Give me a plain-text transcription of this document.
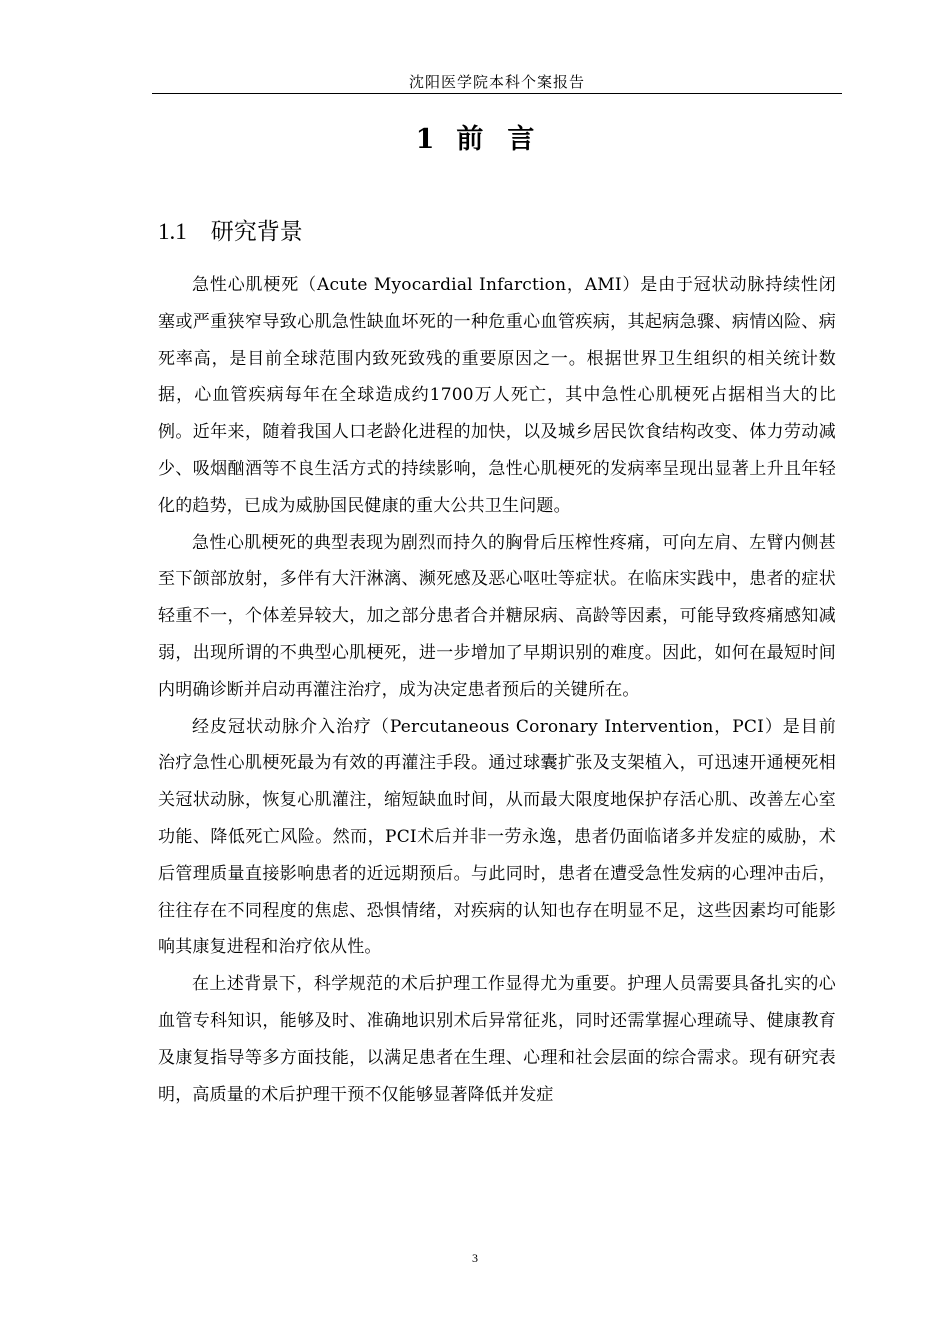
沈阳医学院本科个案报告
1 前言
1.1 研究背景

急性心肌梗死（Acute Myocardial Infarction，AMI）是由于冠状动脉持续性闭塞或严重狭窄导致心肌急性缺血坏死的一种危重心血管疾病，其起病急骤、病情凶险、病死率高，是目前全球范围内致死致残的重要原因之一。根据世界卫生组织的相关统计数据，心血管疾病每年在全球造成约1700万人死亡，其中急性心肌梗死占据相当大的比例。近年来，随着我国人口老龄化进程的加快，以及城乡居民饮食结构改变、体力劳动减少、吸烟酗酒等不良生活方式的持续影响，急性心肌梗死的发病率呈现出显著上升且年轻化的趋势，已成为威胁国民健康的重大公共卫生问题。

急性心肌梗死的典型表现为剧烈而持久的胸骨后压榨性疼痛，可向左肩、左臂内侧甚至下颌部放射，多伴有大汗淋漓、濒死感及恶心呕吐等症状。在临床实践中，患者的症状轻重不一，个体差异较大，加之部分患者合并糖尿病、高龄等因素，可能导致疼痛感知减弱，出现所谓的不典型心肌梗死，进一步增加了早期识别的难度。因此，如何在最短时间内明确诊断并启动再灌注治疗，成为决定患者预后的关键所在。

经皮冠状动脉介入治疗（Percutaneous Coronary Intervention，PCI）是目前治疗急性心肌梗死最为有效的再灌注手段。通过球囊扩张及支架植入，可迅速开通梗死相关冠状动脉，恢复心肌灌注，缩短缺血时间，从而最大限度地保护存活心肌、改善左心室功能、降低死亡风险。然而，PCI术后并非一劳永逸，患者仍面临诸多并发症的威胁，术后管理质量直接影响患者的近远期预后。与此同时，患者在遭受急性发病的心理冲击后，往往存在不同程度的焦虑、恐惧情绪，对疾病的认知也存在明显不足，这些因素均可能影响其康复进程和治疗依从性。

在上述背景下，科学规范的术后护理工作显得尤为重要。护理人员需要具备扎实的心血管专科知识，能够及时、准确地识别术后异常征兆，同时还需掌握心理疏导、健康教育及康复指导等多方面技能，以满足患者在生理、心理和社会层面的综合需求。现有研究表明，高质量的术后护理干预不仅能够显著降低并发症

3
